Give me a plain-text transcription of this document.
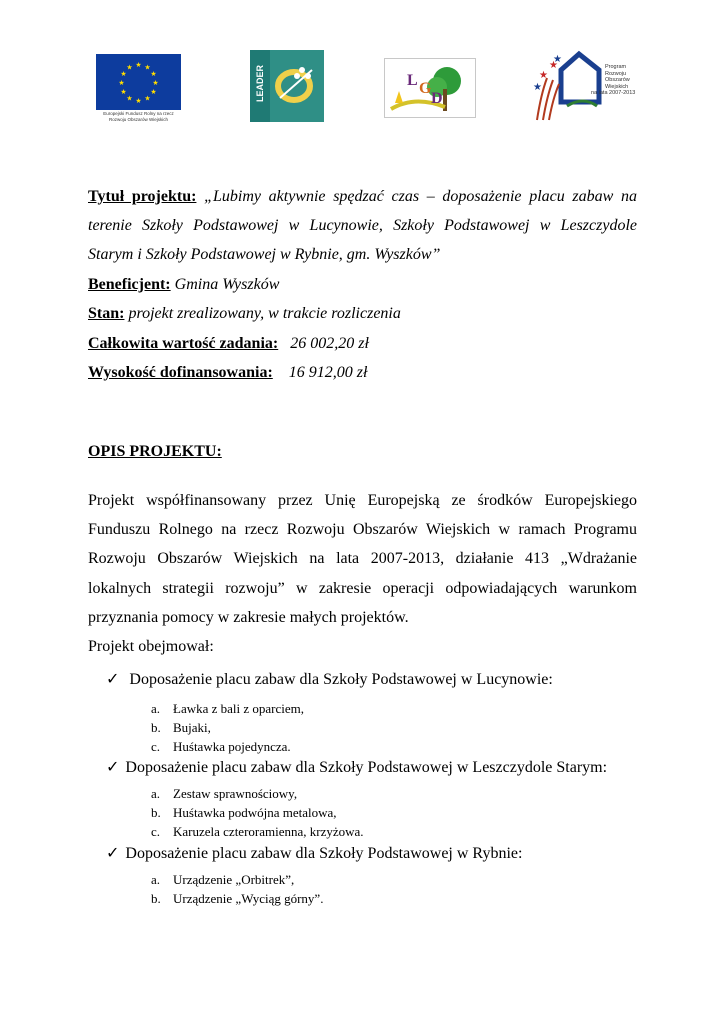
★ ★
★
★
★
★
★
★
★
★
★
★
Europejski Fundusz Rolny na rzecz
Rozwoju Obszarów Wiejskich
LEADER	L G
D
★
★
★
★
Program
Rozwoju
Obszarów
Wiejskich
na lata 2007-2013
Tytuł projektu: „Lubimy aktywnie spędzać czas – doposażenie placu zabaw na
terenie Szkoły Podstawowej w Lucynowie, Szkoły Podstawowej w Leszczydole
Starym i Szkoły Podstawowej w Rybnie, gm. Wyszków”
Beneficjent: Gmina Wyszków
Stan: projekt zrealizowany, w trakcie rozliczenia
Całkowita wartość zadania: 26 002,20 zł
Wysokość dofinansowania: 16 912,00 zł
OPIS PROJEKTU:
Projekt współfinansowany przez Unię Europejską ze środków Europejskiego
Funduszu Rolnego na rzecz Rozwoju Obszarów Wiejskich w ramach Programu
Rozwoju Obszarów Wiejskich na lata 2007-2013, działanie 413 „Wdrażanie
lokalnych strategii rozwoju” w zakresie operacji odpowiadających warunkom
przyznania pomocy w zakresie małych projektów.
Projekt obejmował:
✓ Doposażenie placu zabaw dla Szkoły Podstawowej w Lucynowie:
a. Ławka z bali z oparciem,
b. Bujaki,
c. Huśtawka pojedyncza.
✓ Doposażenie placu zabaw dla Szkoły Podstawowej w Leszczydole Starym:
a. Zestaw sprawnościowy,
b. Huśtawka podwójna metalowa,
c. Karuzela czteroramienna, krzyżowa.
✓ Doposażenie placu zabaw dla Szkoły Podstawowej w Rybnie:
a. Urządzenie „Orbitrek”,
b. Urządzenie „Wyciąg górny”.
